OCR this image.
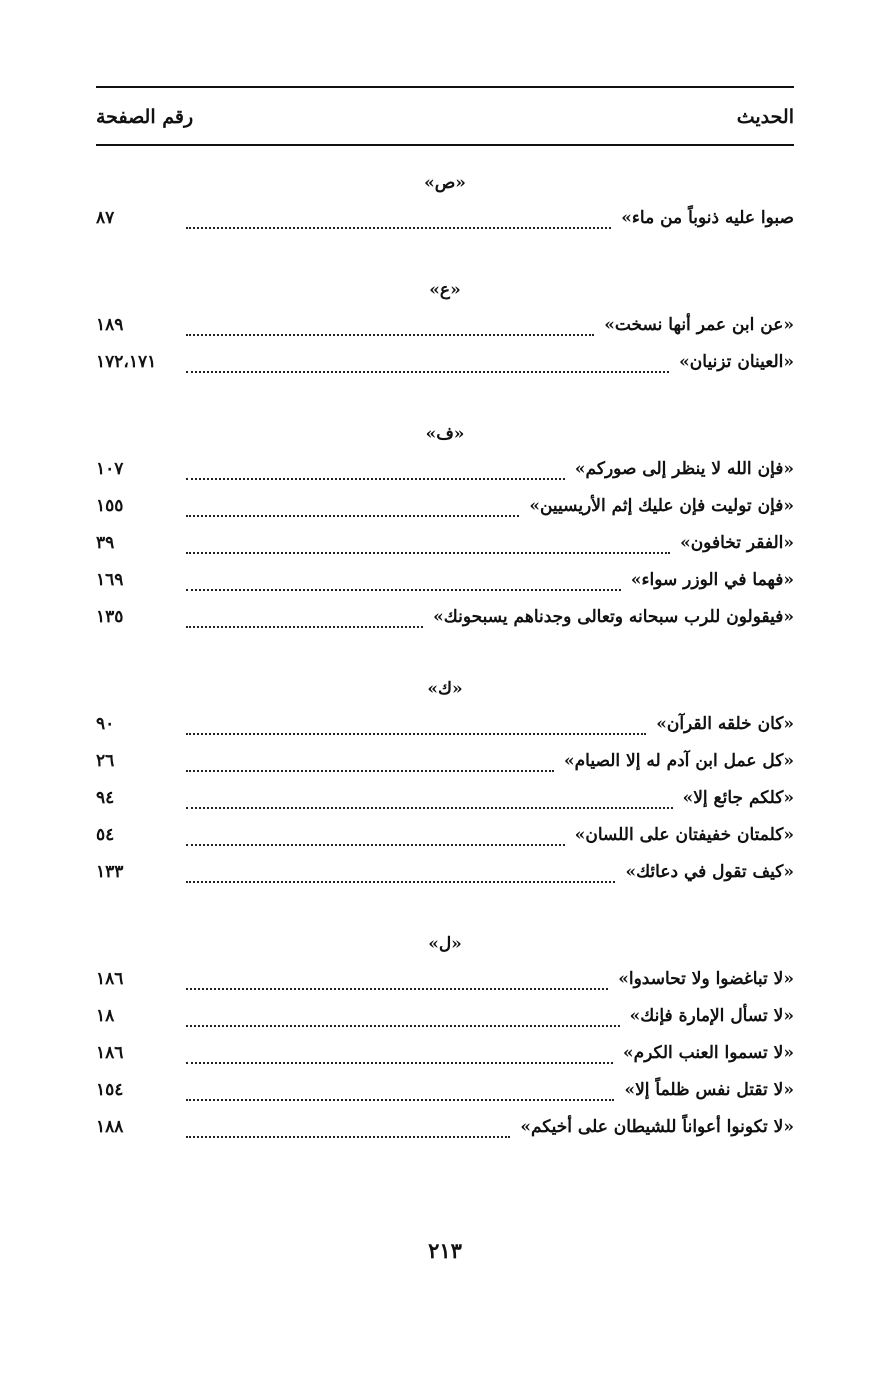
الحديث
رقم الصفحة
«ص»
صبوا عليه ذنوباً من ماء»
٨٧
«ع»
«عن ابن عمر أنها نسخت»
١٨٩
«العينان تزنيان»
١٧٢،١٧١
«ف»
«فإن الله لا ينظر إلى صوركم»
١٠٧
«فإن توليت فإن عليك إثم الأريسيين»
١٥٥
«الفقر تخافون»
٣٩
«فهما في الوزر سواء»
١٦٩
«فيقولون للرب سبحانه وتعالى وجدناهم يسبحونك»
١٣٥
«ك»
«كان خلقه القرآن»
٩٠
«كل عمل ابن آدم له إلا الصيام»
٢٦
«كلكم جائع إلا»
٩٤
«كلمتان خفيفتان على اللسان»
٥٤
«كيف تقول في دعائك»
١٣٣
«ل»
«لا تباغضوا ولا تحاسدوا»
١٨٦
«لا تسأل الإمارة فإنك»
١٨
«لا تسموا العنب الكرم»
١٨٦
«لا تقتل نفس ظلماً إلا»
١٥٤
«لا تكونوا أعواناً للشيطان على أخيكم»
١٨٨
٢١٣
